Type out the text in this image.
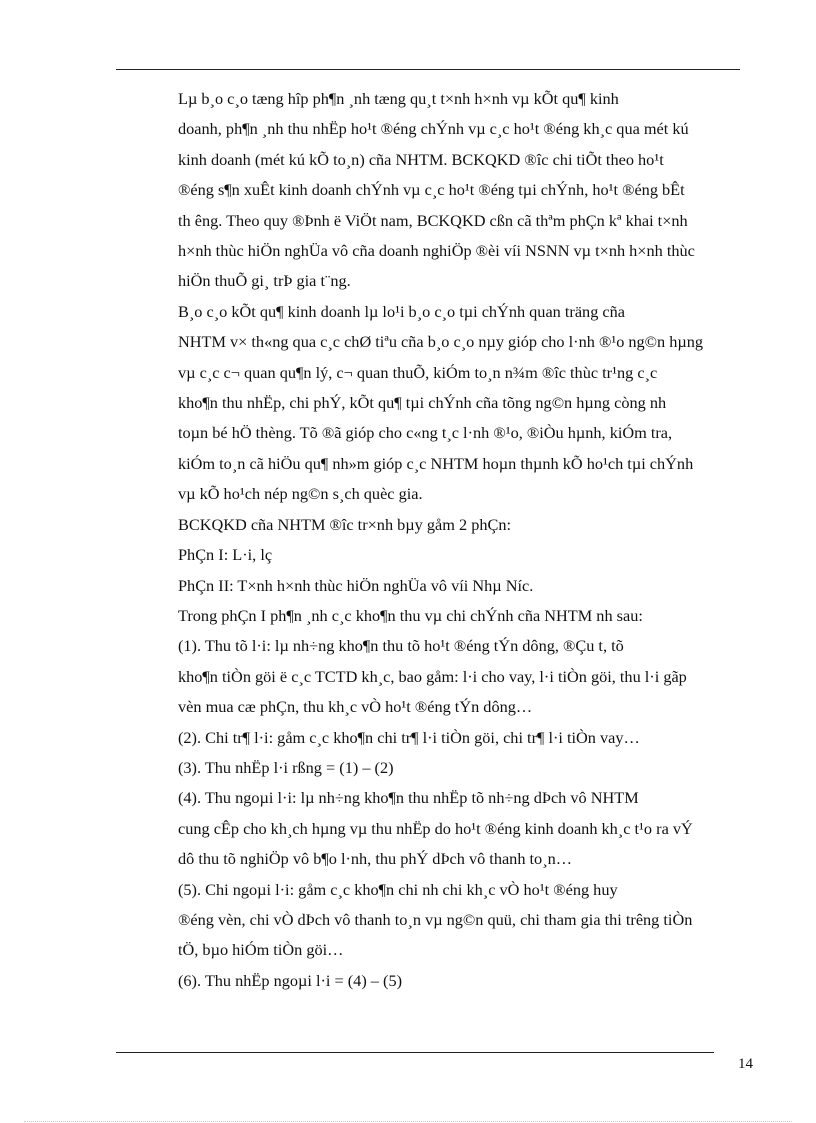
Lµ b¸o c¸o tæng hîp ph¶n ¸nh tæng qu¸t t×nh h×nh vµ kÕt qu¶ kinh
doanh, ph¶n ¸nh thu nhËp ho¹t ®éng chÝnh vµ c¸c ho¹t ®éng kh¸c qua mét kú
kinh doanh (mét kú kÕ to¸n) cña NHTM. BCKQKD ®îc chi tiÕt theo ho¹t
®éng s¶n xuÊt kinh doanh chÝnh vµ c¸c ho¹t ®éng tµi chÝnh, ho¹t ®éng bÊt
th êng. Theo quy ®Þnh ë ViÖt nam, BCKQKD cßn cã thªm phÇn kª khai t×nh
h×nh thùc hiÖn nghÜa vô cña doanh nghiÖp ®èi víi NSNN vµ t×nh h×nh thùc
hiÖn thuÕ gi¸ trÞ gia t¨ng.

B¸o c¸o kÕt qu¶ kinh doanh lµ lo¹i b¸o c¸o tµi chÝnh quan träng cña
NHTM v× th«ng qua c¸c chØ tiªu cña b¸o c¸o nµy gióp cho l·nh ®¹o ng©n hµng
vµ c¸c c¬ quan qu¶n lý, c¬ quan thuÕ, kiÓm to¸n n¾m ®îc thùc tr¹ng c¸c
kho¶n thu nhËp, chi phÝ, kÕt qu¶ tµi chÝnh cña tõng ng©n hµng còng nh
toµn bé hÖ thèng. Tõ ®ã gióp cho c«ng t¸c l·nh ®¹o, ®iÒu hµnh, kiÓm tra,
kiÓm to¸n cã hiÖu qu¶ nh»m gióp c¸c NHTM hoµn thµnh kÕ ho¹ch tµi chÝnh
vµ kÕ ho¹ch nép ng©n s¸ch quèc gia.

BCKQKD cña NHTM ®îc tr×nh bµy gåm 2 phÇn:
PhÇn I: L·i, lç
PhÇn II: T×nh h×nh thùc hiÖn nghÜa vô víi Nhµ Níc.
Trong phÇn I ph¶n ¸nh c¸c kho¶n thu vµ chi chÝnh cña NHTM nh sau:

(1). Thu tõ l·i: lµ nh÷ng kho¶n thu tõ ho¹t ®éng tÝn dông, ®Çu t, tõ
kho¶n tiÒn göi ë c¸c TCTD kh¸c, bao gåm: l·i cho vay, l·i tiÒn göi, thu l·i gãp
vèn mua cæ phÇn, thu kh¸c vÒ ho¹t ®éng tÝn dông…

(2). Chi tr¶ l·i: gåm c¸c kho¶n chi tr¶ l·i tiÒn göi, chi tr¶ l·i tiÒn vay…

(3). Thu nhËp l·i rßng = (1) – (2)

(4). Thu ngoµi l·i: lµ nh÷ng kho¶n thu nhËp tõ nh÷ng dÞch vô NHTM
cung cÊp cho kh¸ch hµng vµ thu nhËp do ho¹t ®éng kinh doanh kh¸c t¹o ra vÝ
dô thu tõ nghiÖp vô b¶o l·nh, thu phÝ dÞch vô thanh to¸n…

(5). Chi ngoµi l·i: gåm c¸c kho¶n chi nh chi kh¸c vÒ ho¹t ®éng huy
®éng vèn, chi vÒ dÞch vô thanh to¸n vµ ng©n quü, chi tham gia thi trêng tiÒn
tÖ, bµo hiÓm tiÒn göi…

(6). Thu nhËp ngoµi l·i = (4) – (5)

14
